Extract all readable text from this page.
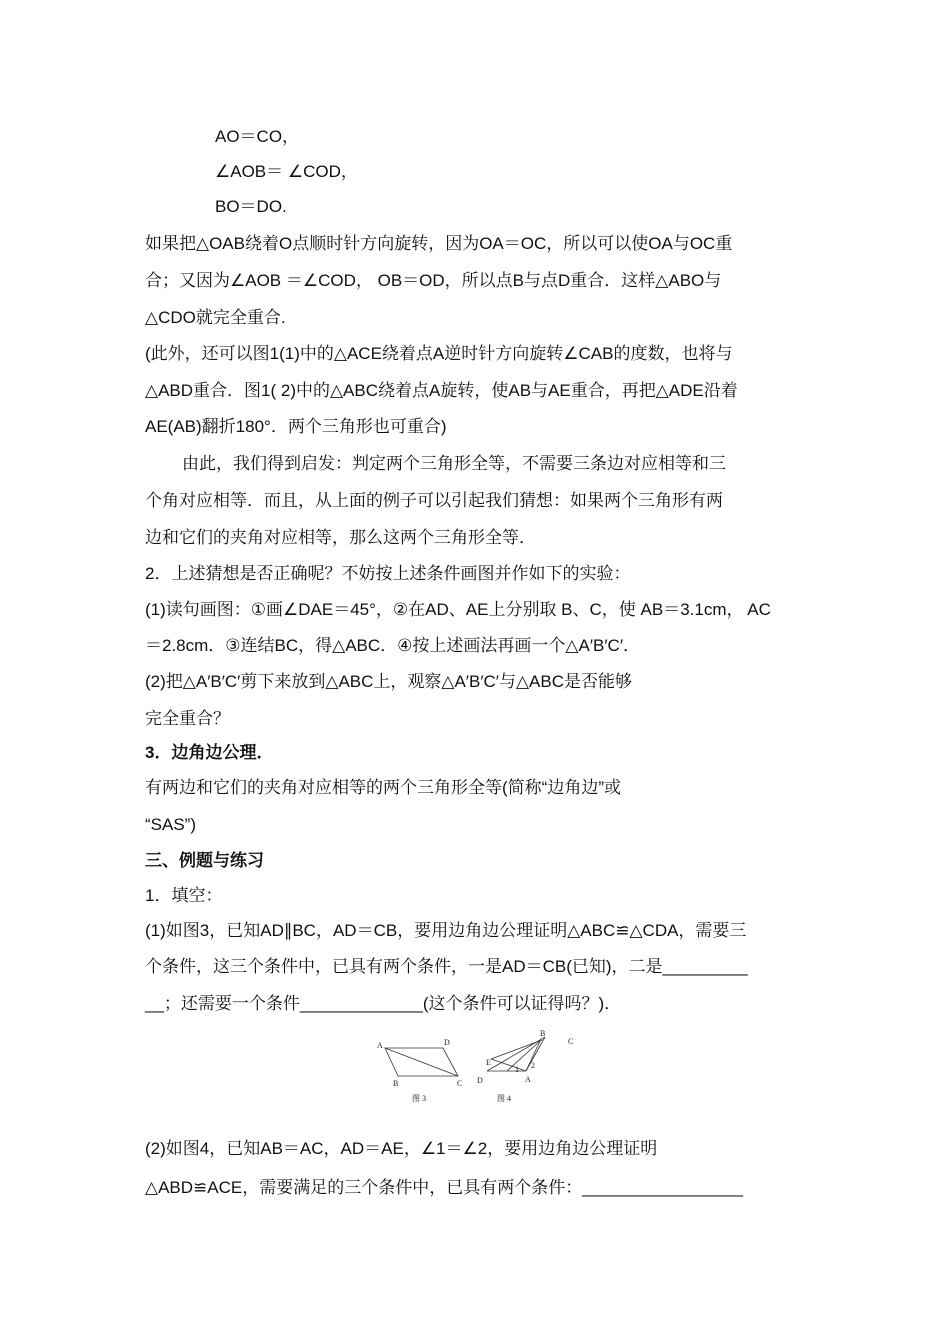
AO＝CO，
∠AOB＝ ∠COD，
BO＝DO.
如果把△OAB绕着O点顺时针方向旋转，因为OA＝OC，所以可以使OA与OC重
合；又因为∠AOB ＝∠COD， OB＝OD，所以点B与点D重合．这样△ABO与
△CDO就完全重合.
(此外，还可以图1(1)中的△ACE绕着点A逆时针方向旋转∠CAB的度数，也将与
△ABD重合．图1( 2)中的△ABC绕着点A旋转，使AB与AE重合，再把△ADE沿着
AE(AB)翻折180°．两个三角形也可重合)
由此，我们得到启发：判定两个三角形全等，不需要三条边对应相等和三
个角对应相等．而且，从上面的例子可以引起我们猜想：如果两个三角形有两
边和它们的夹角对应相等，那么这两个三角形全等．
2．上述猜想是否正确呢？不妨按上述条件画图并作如下的实验：
(1)读句画图：①画∠DAE＝45°，②在AD、AE上分别取 B、C，使 AB＝3.1cm， AC
＝2.8cm．③连结BC，得△ABC．④按上述画法再画一个△A′B′C′．
(2)把△A′B′C′剪下来放到△ABC上，观察△A′B′C′与△ABC是否能够
完全重合？
3．边角边公理．
有两边和它们的夹角对应相等的两个三角形全等(简称“边角边”或
“SAS”)
三、例题与练习
1．填空：
(1)如图3，已知AD∥BC，AD＝CB，要用边角边公理证明△ABC≌△CDA，需要三
个条件，这三个条件中，已具有两个条件，一是AD＝CB(已知)，二是_________
__；还需要一个条件_____________(这个条件可以证得吗？)．
A	D
B	C
图 3
B
C
E
D	A
1 2
图 4
(2)如图4，已知AB＝AC，AD＝AE，∠1＝∠2，要用边角边公理证明
△ABD≌ACE，需要满足的三个条件中，已具有两个条件：_________________
